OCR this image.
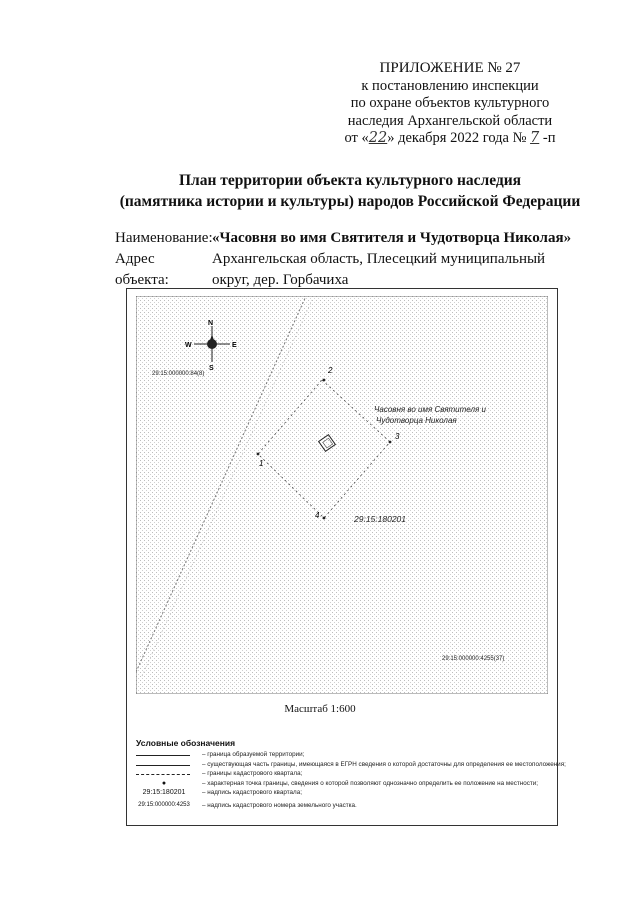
ПРИЛОЖЕНИЕ № 27
к постановлению инспекции
по охране объектов культурного
наследия Архангельской области
от «22» декабря 2022 года № 7 -п
План территории объекта культурного наследия
(памятника истории и культуры) народов Российской Федерации
Наименование: «Часовня во имя Святителя и Чудотворца Николая»
Адрес объекта:
Архангельская область, Плесецкий муниципальный округ, дер. Горбачиха
N
S
W	E
29:15:000000:84(8)	2
3
4
1
Часовня во имя Святителя и
Чудотворца Николая
29:15:180201
29:15:000000:4255(37)
Масштаб 1:600
Условные обозначения
– граница образуемой территории;
– существующая часть границы, имеющаяся в ЕГРН сведения о которой достаточны для определения ее местоположения;
– границы кадастрового квартала;
●	– характерная точка границы, сведения о которой позволяют однозначно определить ее положение на местности;
29:15:180201	– надпись кадастрового квартала;
29:15:000000:4253	– надпись кадастрового номера земельного участка.
